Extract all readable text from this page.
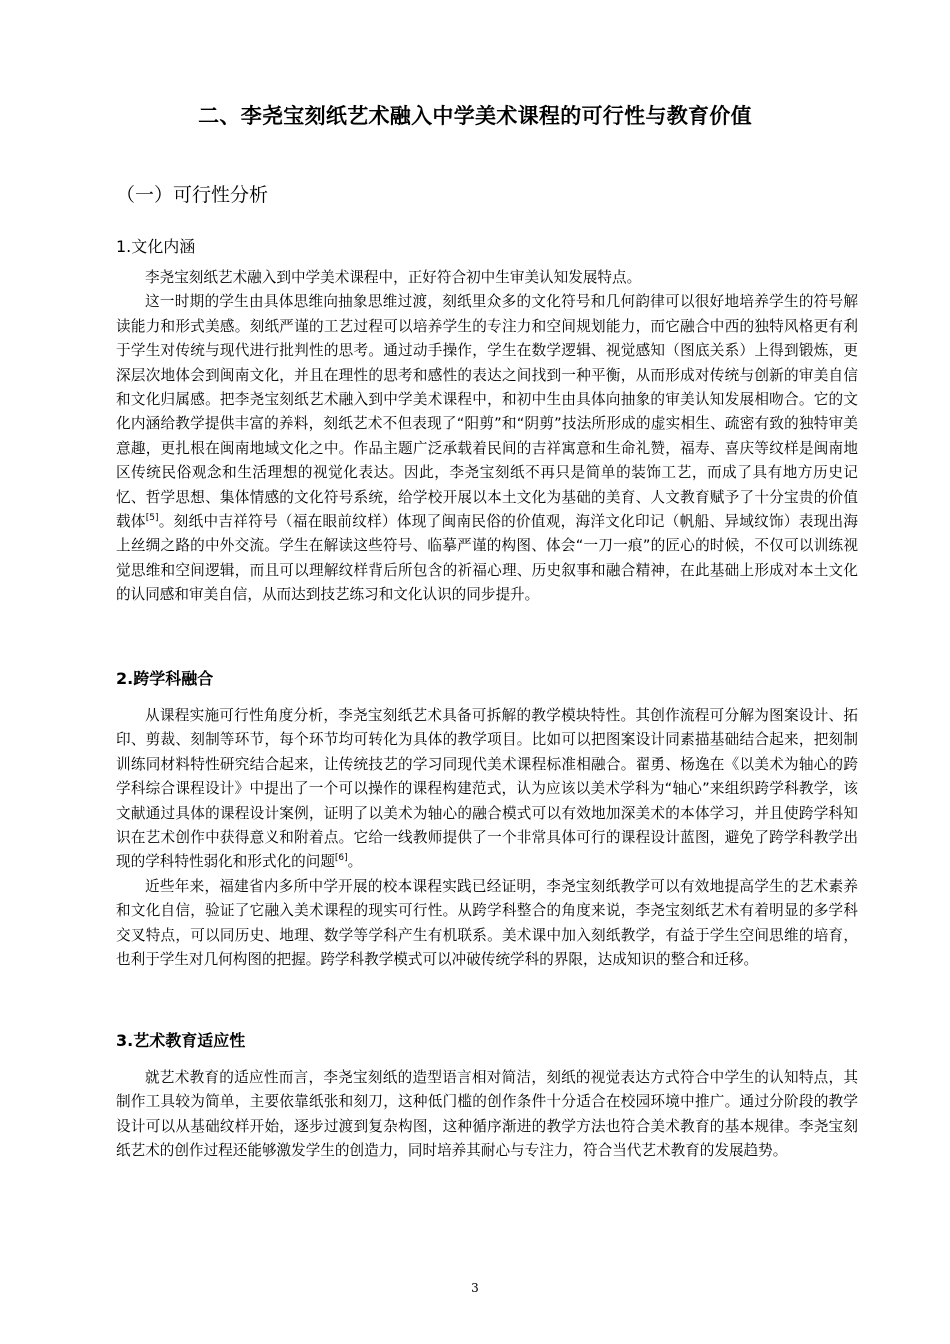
二、李尧宝刻纸艺术融入中学美术课程的可行性与教育价值
（一）可行性分析
1.文化内涵

李尧宝刻纸艺术融入到中学美术课程中，正好符合初中生审美认知发展特点。

这一时期的学生由具体思维向抽象思维过渡，刻纸里众多的文化符号和几何韵律可以很好地培养学生的符号解读能力和形式美感。刻纸严谨的工艺过程可以培养学生的专注力和空间规划能力，而它融合中西的独特风格更有利于学生对传统与现代进行批判性的思考。通过动手操作，学生在数学逻辑、视觉感知（图底关系）上得到锻炼，更深层次地体会到闽南文化，并且在理性的思考和感性的表达之间找到一种平衡，从而形成对传统与创新的审美自信和文化归属感。把李尧宝刻纸艺术融入到中学美术课程中，和初中生由具体向抽象的审美认知发展相吻合。它的文化内涵给教学提供丰富的养料，刻纸艺术不但表现了“阳剪”和“阴剪”技法所形成的虚实相生、疏密有致的独特审美意趣，更扎根在闽南地域文化之中。作品主题广泛承载着民间的吉祥寓意和生命礼赞，福寿、喜庆等纹样是闽南地区传统民俗观念和生活理想的视觉化表达。因此，李尧宝刻纸不再只是简单的装饰工艺，而成了具有地方历史记忆、哲学思想、集体情感的文化符号系统，给学校开展以本土文化为基础的美育、人文教育赋予了十分宝贵的价值载体[5]。刻纸中吉祥符号（福在眼前纹样）体现了闽南民俗的价值观，海洋文化印记（帆船、异域纹饰）表现出海上丝绸之路的中外交流。学生在解读这些符号、临摹严谨的构图、体会“一刀一痕”的匠心的时候，不仅可以训练视觉思维和空间逻辑，而且可以理解纹样背后所包含的祈福心理、历史叙事和融合精神，在此基础上形成对本土文化的认同感和审美自信，从而达到技艺练习和文化认识的同步提升。

2.跨学科融合

从课程实施可行性角度分析，李尧宝刻纸艺术具备可拆解的教学模块特性。其创作流程可分解为图案设计、拓印、剪裁、刻制等环节，每个环节均可转化为具体的教学项目。比如可以把图案设计同素描基础结合起来，把刻制训练同材料特性研究结合起来，让传统技艺的学习同现代美术课程标准相融合。翟勇、杨逸在《以美术为轴心的跨学科综合课程设计》中提出了一个可以操作的课程构建范式，认为应该以美术学科为“轴心”来组织跨学科教学，该文献通过具体的课程设计案例，证明了以美术为轴心的融合模式可以有效地加深美术的本体学习，并且使跨学科知识在艺术创作中获得意义和附着点。它给一线教师提供了一个非常具体可行的课程设计蓝图，避免了跨学科教学出现的学科特性弱化和形式化的问题[6]。

近些年来，福建省内多所中学开展的校本课程实践已经证明，李尧宝刻纸教学可以有效地提高学生的艺术素养和文化自信，验证了它融入美术课程的现实可行性。从跨学科整合的角度来说，李尧宝刻纸艺术有着明显的多学科交叉特点，可以同历史、地理、数学等学科产生有机联系。美术课中加入刻纸教学，有益于学生空间思维的培育，也利于学生对几何构图的把握。跨学科教学模式可以冲破传统学科的界限，达成知识的整合和迁移。

3.艺术教育适应性

就艺术教育的适应性而言，李尧宝刻纸的造型语言相对简洁，刻纸的视觉表达方式符合中学生的认知特点，其制作工具较为简单，主要依靠纸张和刻刀，这种低门槛的创作条件十分适合在校园环境中推广。通过分阶段的教学设计可以从基础纹样开始，逐步过渡到复杂构图，这种循序渐进的教学方法也符合美术教育的基本规律。李尧宝刻纸艺术的创作过程还能够激发学生的创造力，同时培养其耐心与专注力，符合当代艺术教育的发展趋势。

3
